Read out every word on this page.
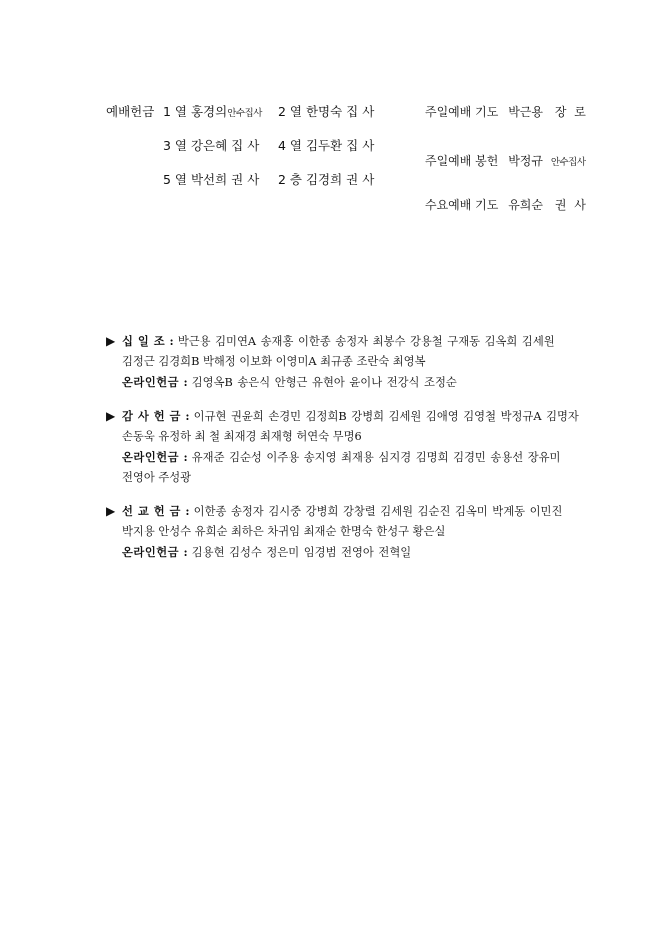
예배헌금 1 열 홍경의안수집사 2 열 한명숙 집 사
3 열 강은혜 집 사 4 열 김두환 집 사
5 열 박선희 권 사 2 층 김경희 권 사
주일예배 기도 박근용 장 로
주일예배 봉헌 박정규 안수집사
수요예배 기도 유희순 권 사
▶ 십 일 조 : 박근용 김미연A 송재홍 이한종 송정자 최봉수 강용철 구재동 김옥희 김세원
김정근 김경희B 박해정 이보화 이영미A 최규종 조란숙 최영복
온라인헌금 : 김영옥B 송은식 안형근 유현아 윤이나 전강식 조정순
▶ 감 사 헌 금 : 이규현 권윤희 손경민 김정희B 강병희 김세원 김애영 김영철 박정규A 김명자
손동욱 유정하 최 철 최재경 최재형 허연숙 무명6
온라인헌금 : 유재준 김순성 이주용 송지영 최재용 심지경 김명희 김경민 송용선 장유미
전영아 주성광
▶ 선 교 헌 금 : 이한종 송정자 김시중 강병희 강창렬 김세원 김순진 김옥미 박계동 이민진
박지용 안성수 유희순 최하은 차귀임 최재순 한명숙 한성구 황은실
온라인헌금 : 김용현 김성수 정은미 임경범 전영아 전혁일
